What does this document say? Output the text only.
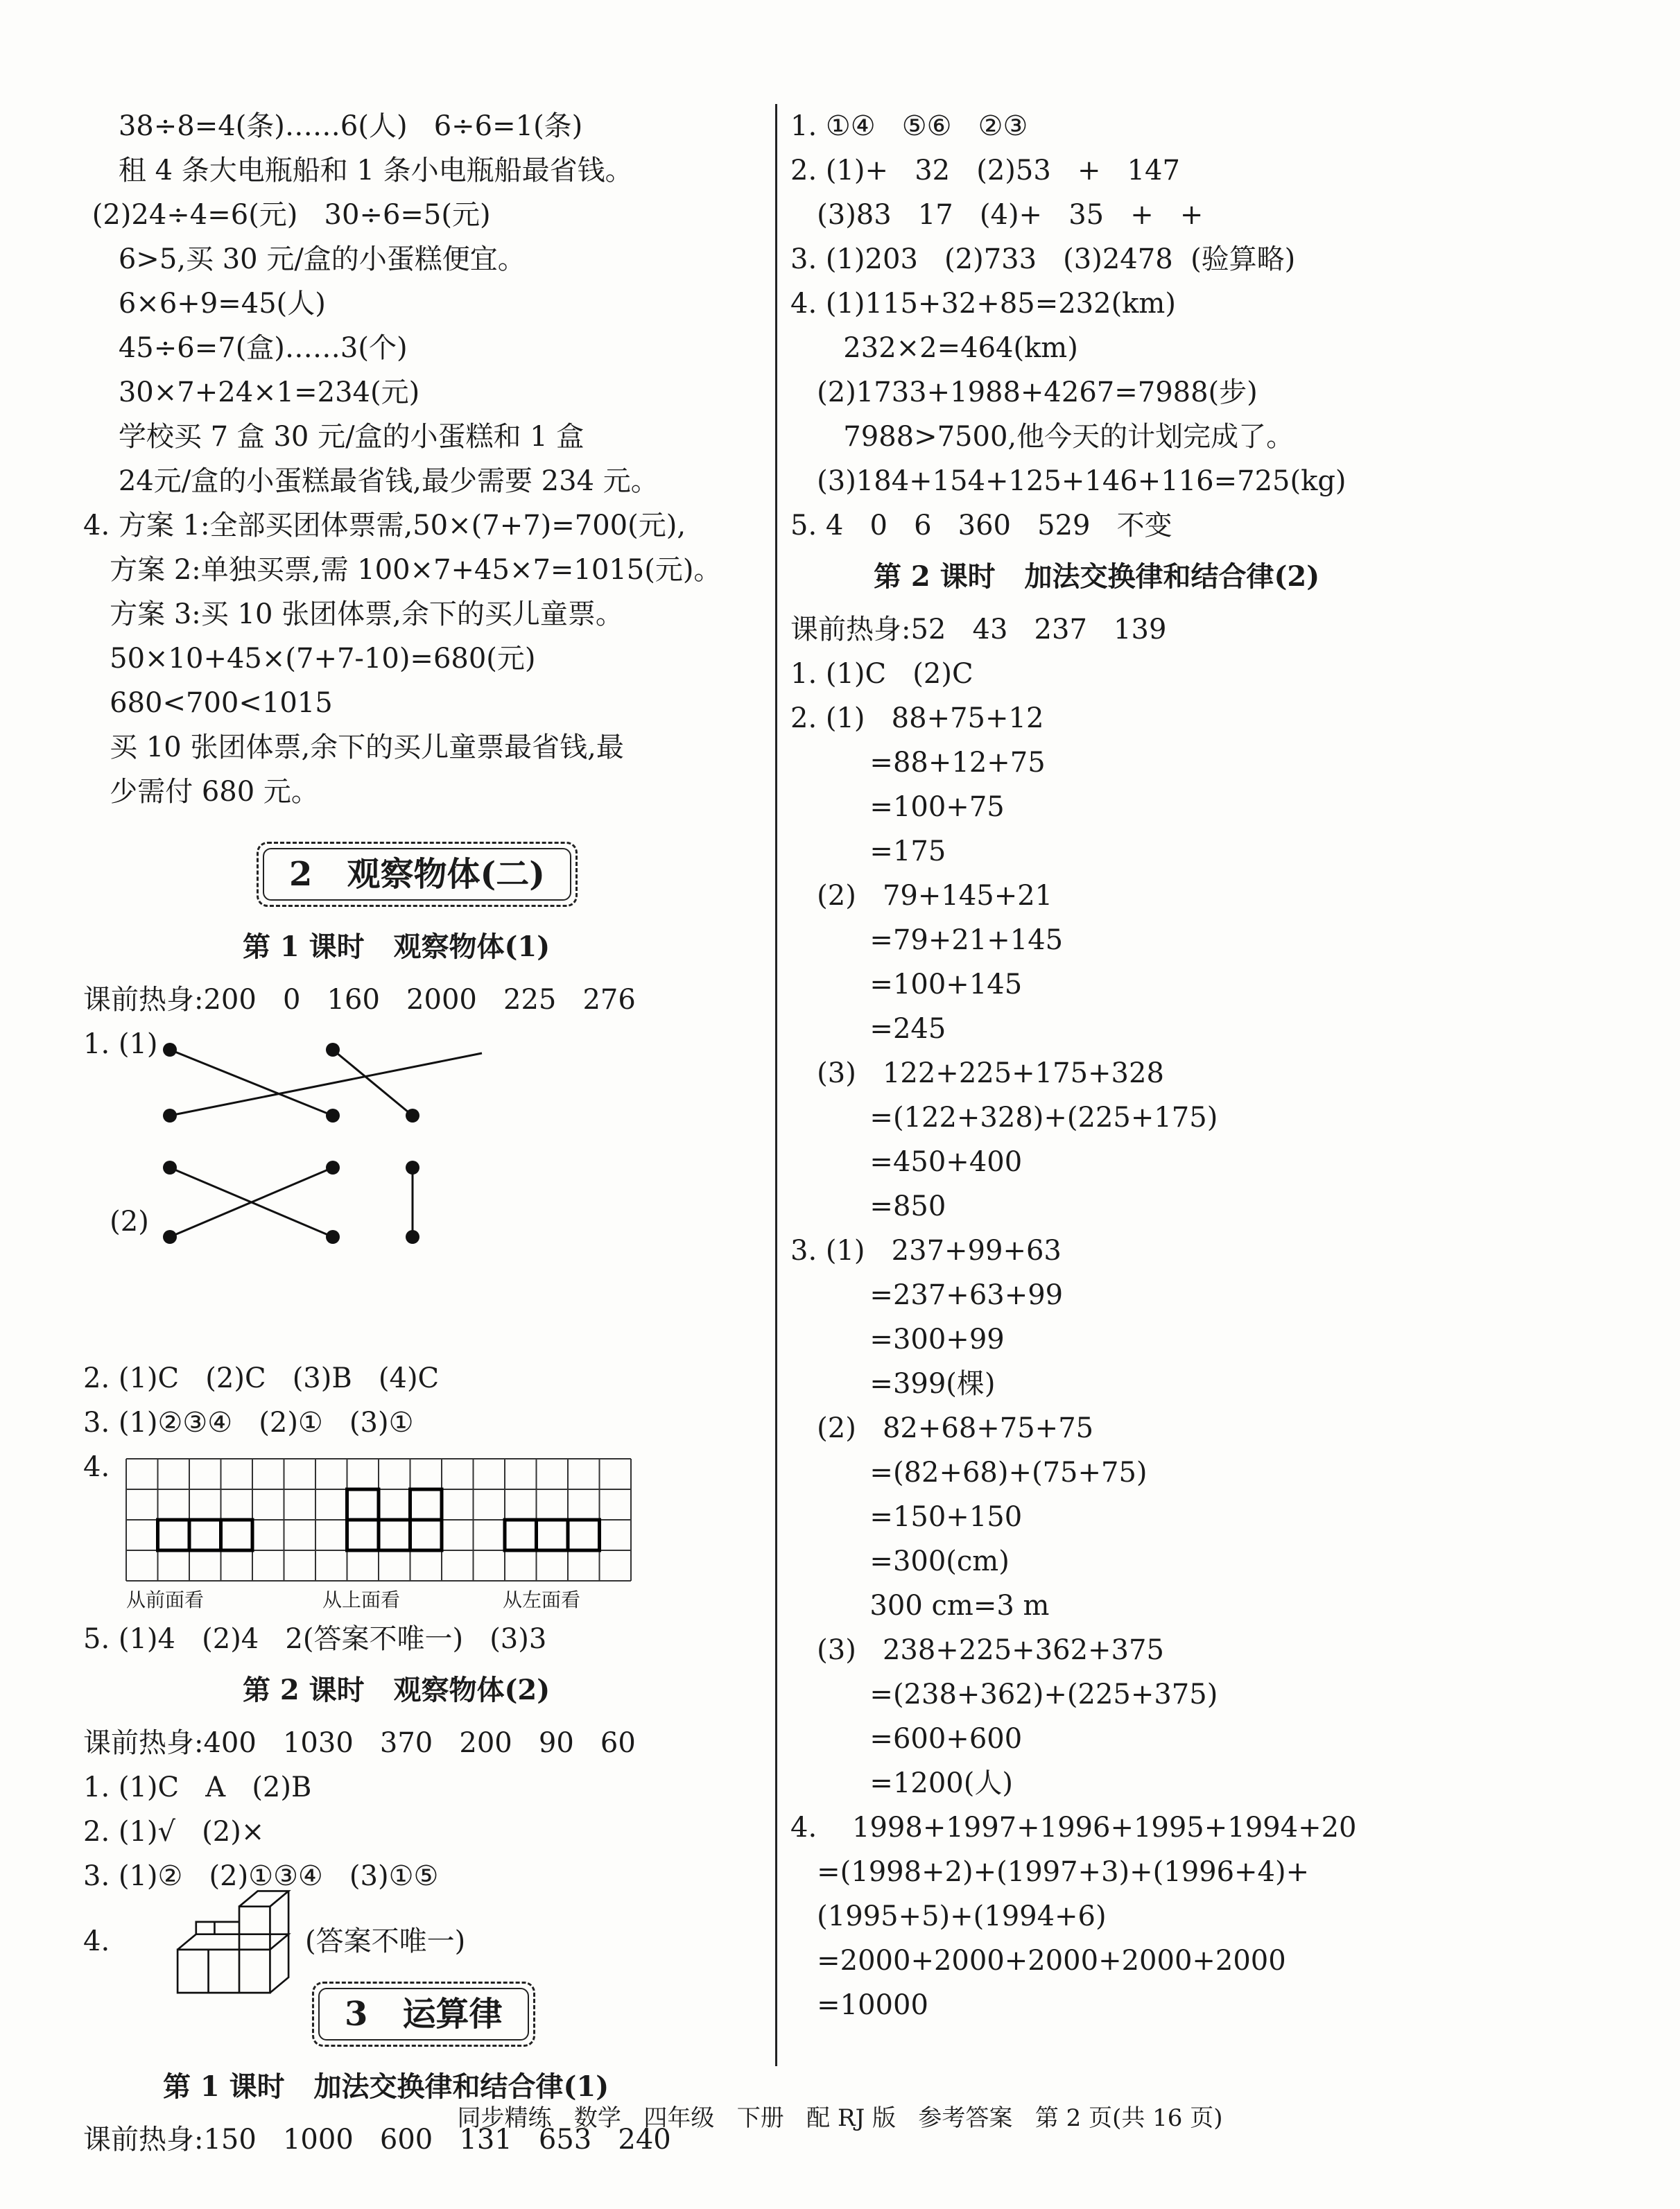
38÷8=4(条)……6(人)   6÷6=1(条)
租 4 条大电瓶船和 1 条小电瓶船最省钱。
(2)24÷4=6(元)   30÷6=5(元)
6>5,买 30 元/盒的小蛋糕便宜。
6×6+9=45(人)
45÷6=7(盒)……3(个)
30×7+24×1=234(元)
学校买 7 盒 30 元/盒的小蛋糕和 1 盒
24元/盒的小蛋糕最省钱,最少需要 234 元。
4. 方案 1:全部买团体票需,50×(7+7)=700(元),
方案 2:单独买票,需 100×7+45×7=1015(元)。
方案 3:买 10 张团体票,余下的买儿童票。
50×10+45×(7+7-10)=680(元)
680<700<1015
买 10 张团体票,余下的买儿童票最省钱,最
少需付 680 元。
2   观察物体(二)
第 1 课时   观察物体(1)
课前热身:200   0   160   2000   225   276
1. (1)
(2)
2. (1)C   (2)C   (3)B   (4)C
3. (1)②③④   (2)①   (3)①
4.
从前面看	从上面看	从左面看
5. (1)4   (2)4   2(答案不唯一)   (3)3
第 2 课时   观察物体(2)
课前热身:400   1030   370   200   90   60
1. (1)C   A   (2)B
2. (1)√   (2)×
3. (1)②   (2)①③④   (3)①⑤
4.	(答案不唯一)
3   运算律
第 1 课时   加法交换律和结合律(1)
课前热身:150   1000   600   131   653   240
1. ①④   ⑤⑥   ②③
2. (1)+   32   (2)53   +   147
(3)83   17   (4)+   35   +   +
3. (1)203   (2)733   (3)2478  (验算略)
4. (1)115+32+85=232(km)
232×2=464(km)
(2)1733+1988+4267=7988(步)
7988>7500,他今天的计划完成了。
(3)184+154+125+146+116=725(kg)
5. 4   0   6   360   529   不变
第 2 课时   加法交换律和结合律(2)
课前热身:52   43   237   139
1. (1)C   (2)C
2. (1)   88+75+12
=88+12+75
=100+75
=175
(2)   79+145+21
=79+21+145
=100+145
=245
(3)   122+225+175+328
=(122+328)+(225+175)
=450+400
=850
3. (1)   237+99+63
=237+63+99
=300+99
=399(棵)
(2)   82+68+75+75
=(82+68)+(75+75)
=150+150
=300(cm)
300 cm=3 m
(3)   238+225+362+375
=(238+362)+(225+375)
=600+600
=1200(人)
4.    1998+1997+1996+1995+1994+20
=(1998+2)+(1997+3)+(1996+4)+
(1995+5)+(1994+6)
=2000+2000+2000+2000+2000
=10000
同步精练   数学   四年级   下册   配 RJ 版   参考答案   第 2 页(共 16 页)
